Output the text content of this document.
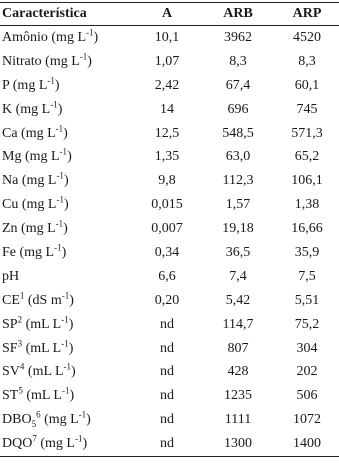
Característica	A	ARB	ARP
Amônio (mg $L^{-1}$)	10,1	3962	4520
Nitrato (mg $L^{-1}$)	1,07	8,3	8,3
P (mg $L^{-1}$)	2,42	67,4	60,1
K (mg $L^{-1}$)	14	696	745
Ca (mg $L^{-1}$)	12,5	548,5	571,3
Mg (mg $L^{-1}$)	1,35	63,0	65,2
Na (mg $L^{-1}$)	9,8	112,3	106,1
Cu (mg $L^{-1}$)	0,015	1,57	1,38
Zn (mg $L^{-1}$)	0,007	19,18	16,66
Fe (mg $L^{-1}$)	0,34	36,5	35,9
pH	6,6	7,4	7,5
$CE^1$ (dS $m^{-1}$)	0,20	5,42	5,51
$SP^2$ (mL $L^{-1}$)	nd	114,7	75,2
$SF^3$ (mL $L^{-1}$)	nd	807	304
$SV^4$ (mL $L^{-1}$)	nd	428	202
$ST^5$ (mL $L^{-1}$)	nd	1235	506
$DBO_5^6$ (mg $L^{-1}$)	nd	1111	1072
DQO$^7$ (mg $L^{-1}$)	nd	1300	1400
